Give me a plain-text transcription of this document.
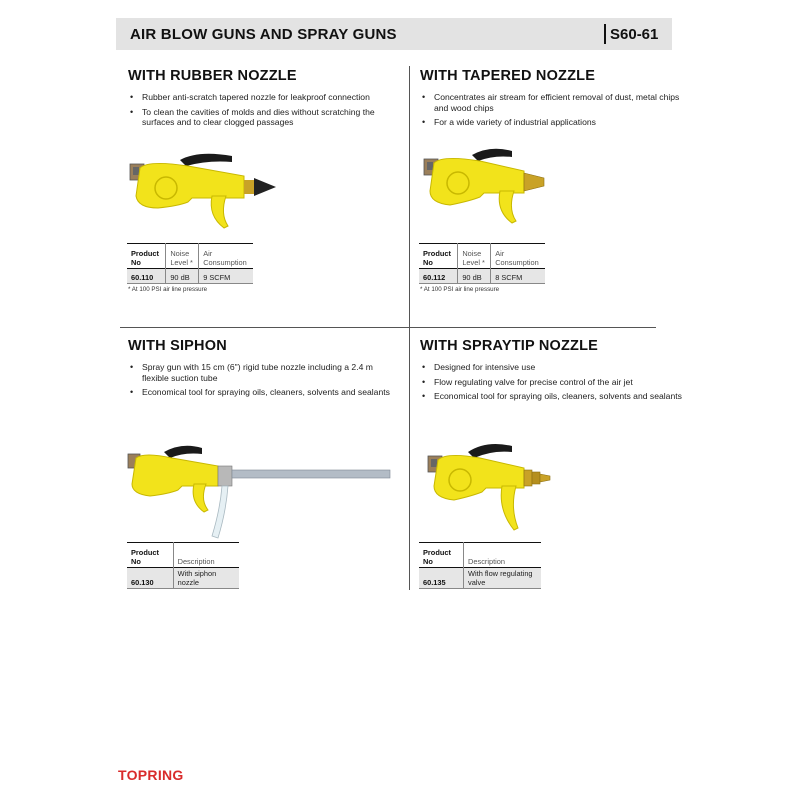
AIR BLOW GUNS AND SPRAY GUNS	S60-61
WITH RUBBER NOZZLE
• Rubber anti-scratch tapered nozzle for leakproof connection
• To clean the cavities of molds and dies without scratching the surfaces and to clear clogged passages
Product No	Noise Level *	Air Consumption
60.110	90 dB	9 SCFM
* At 100 PSI air line pressure
WITH TAPERED NOZZLE
• Concentrates air stream for efficient removal of dust, metal chips and wood chips
• For a wide variety of industrial applications
Product No	Noise Level *	Air Consumption
60.112	90 dB	8 SCFM
* At 100 PSI air line pressure
WITH SIPHON
• Spray gun with 15 cm (6") rigid tube nozzle including a 2.4 m flexible suction tube
• Economical tool for spraying oils, cleaners, solvents and sealants
Product No	Description
60.130	With siphon nozzle
WITH SPRAYTIP NOZZLE
• Designed for intensive use
• Flow regulating valve for precise control of the air jet
• Economical tool for spraying oils, cleaners, solvents and sealants
Product No	Description
60.135	With flow regulating valve
TOPRING
